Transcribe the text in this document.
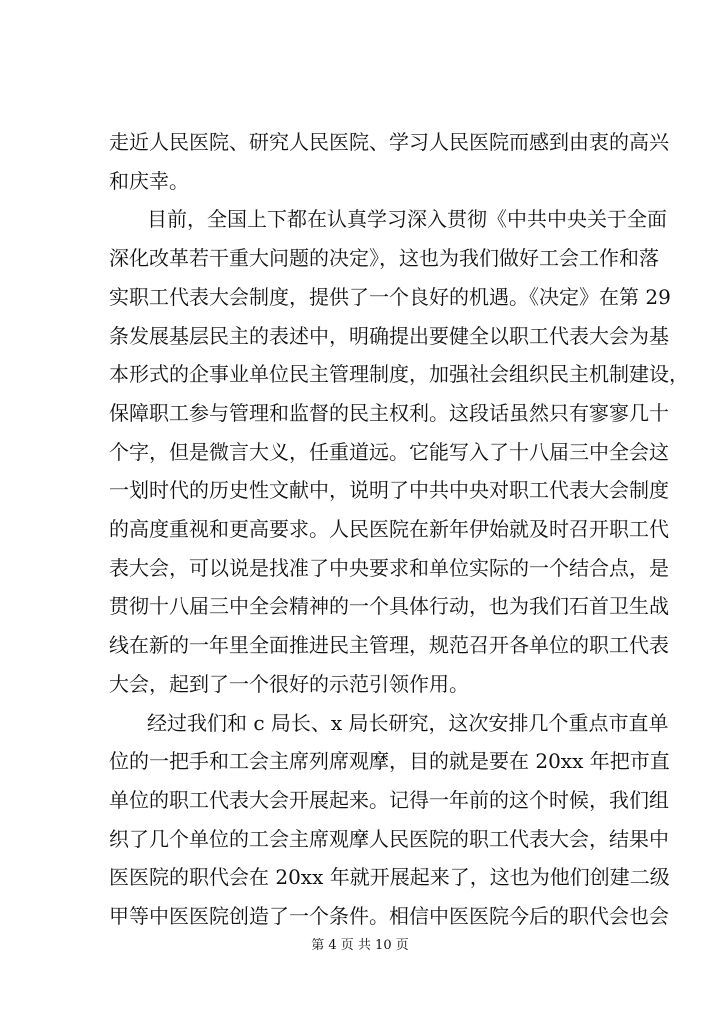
走近人民医院、研究人民医院、学习人民医院而感到由衷的高兴
和庆幸。
目前，全国上下都在认真学习深入贯彻《中共中央关于全面
深化改革若干重大问题的决定》，这也为我们做好工会工作和落
实职工代表大会制度，提供了一个良好的机遇。《决定》在第 29
条发展基层民主的表述中，明确提出要健全以职工代表大会为基
本形式的企事业单位民主管理制度，加强社会组织民主机制建设，
保障职工参与管理和监督的民主权利。这段话虽然只有寥寥几十
个字，但是微言大义，任重道远。它能写入了十八届三中全会这
一划时代的历史性文献中，说明了中共中央对职工代表大会制度
的高度重视和更高要求。人民医院在新年伊始就及时召开职工代
表大会，可以说是找准了中央要求和单位实际的一个结合点，是
贯彻十八届三中全会精神的一个具体行动，也为我们石首卫生战
线在新的一年里全面推进民主管理，规范召开各单位的职工代表
大会，起到了一个很好的示范引领作用。
经过我们和 c 局长、x 局长研究，这次安排几个重点市直单
位的一把手和工会主席列席观摩，目的就是要在 20xx 年把市直
单位的职工代表大会开展起来。记得一年前的这个时候，我们组
织了几个单位的工会主席观摩人民医院的职工代表大会，结果中
医医院的职代会在 20xx 年就开展起来了，这也为他们创建二级
甲等中医医院创造了一个条件。相信中医医院今后的职代会也会
第 4 页 共 10 页
